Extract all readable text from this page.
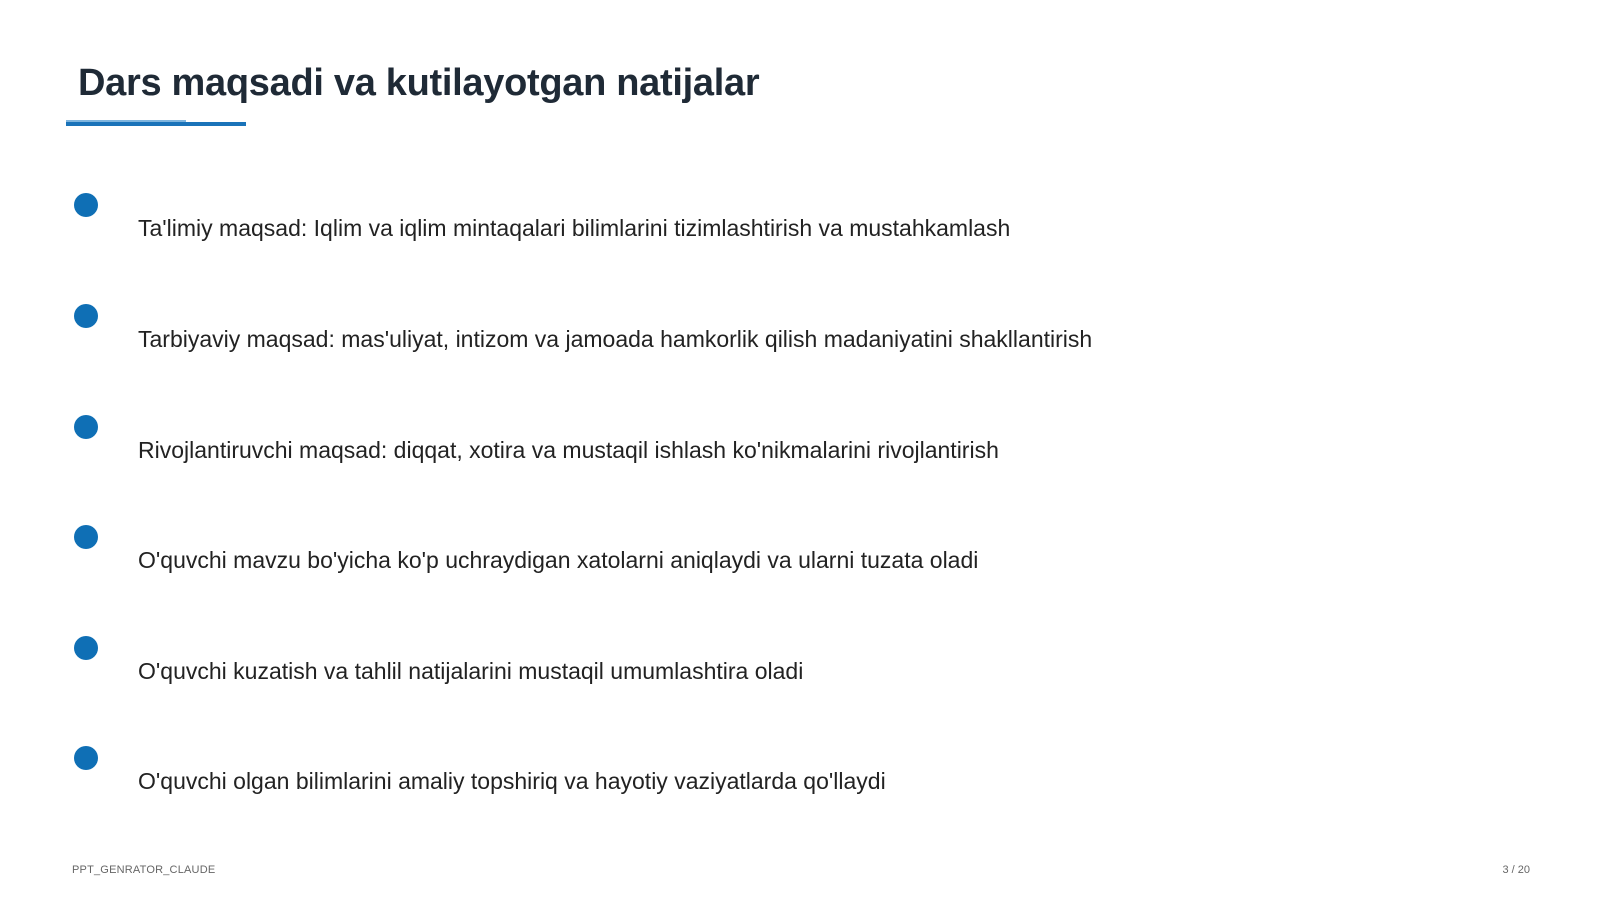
Dars maqsadi va kutilayotgan natijalar
Ta'limiy maqsad: Iqlim va iqlim mintaqalari bilimlarini tizimlashtirish va mustahkamlash
Tarbiyaviy maqsad: mas'uliyat, intizom va jamoada hamkorlik qilish madaniyatini shakllantirish
Rivojlantiruvchi maqsad: diqqat, xotira va mustaqil ishlash ko'nikmalarini rivojlantirish
O'quvchi mavzu bo'yicha ko'p uchraydigan xatolarni aniqlaydi va ularni tuzata oladi
O'quvchi kuzatish va tahlil natijalarini mustaqil umumlashtira oladi
O'quvchi olgan bilimlarini amaliy topshiriq va hayotiy vaziyatlarda qo'llaydi
PPT_GENRATOR_CLAUDE	3 / 20
